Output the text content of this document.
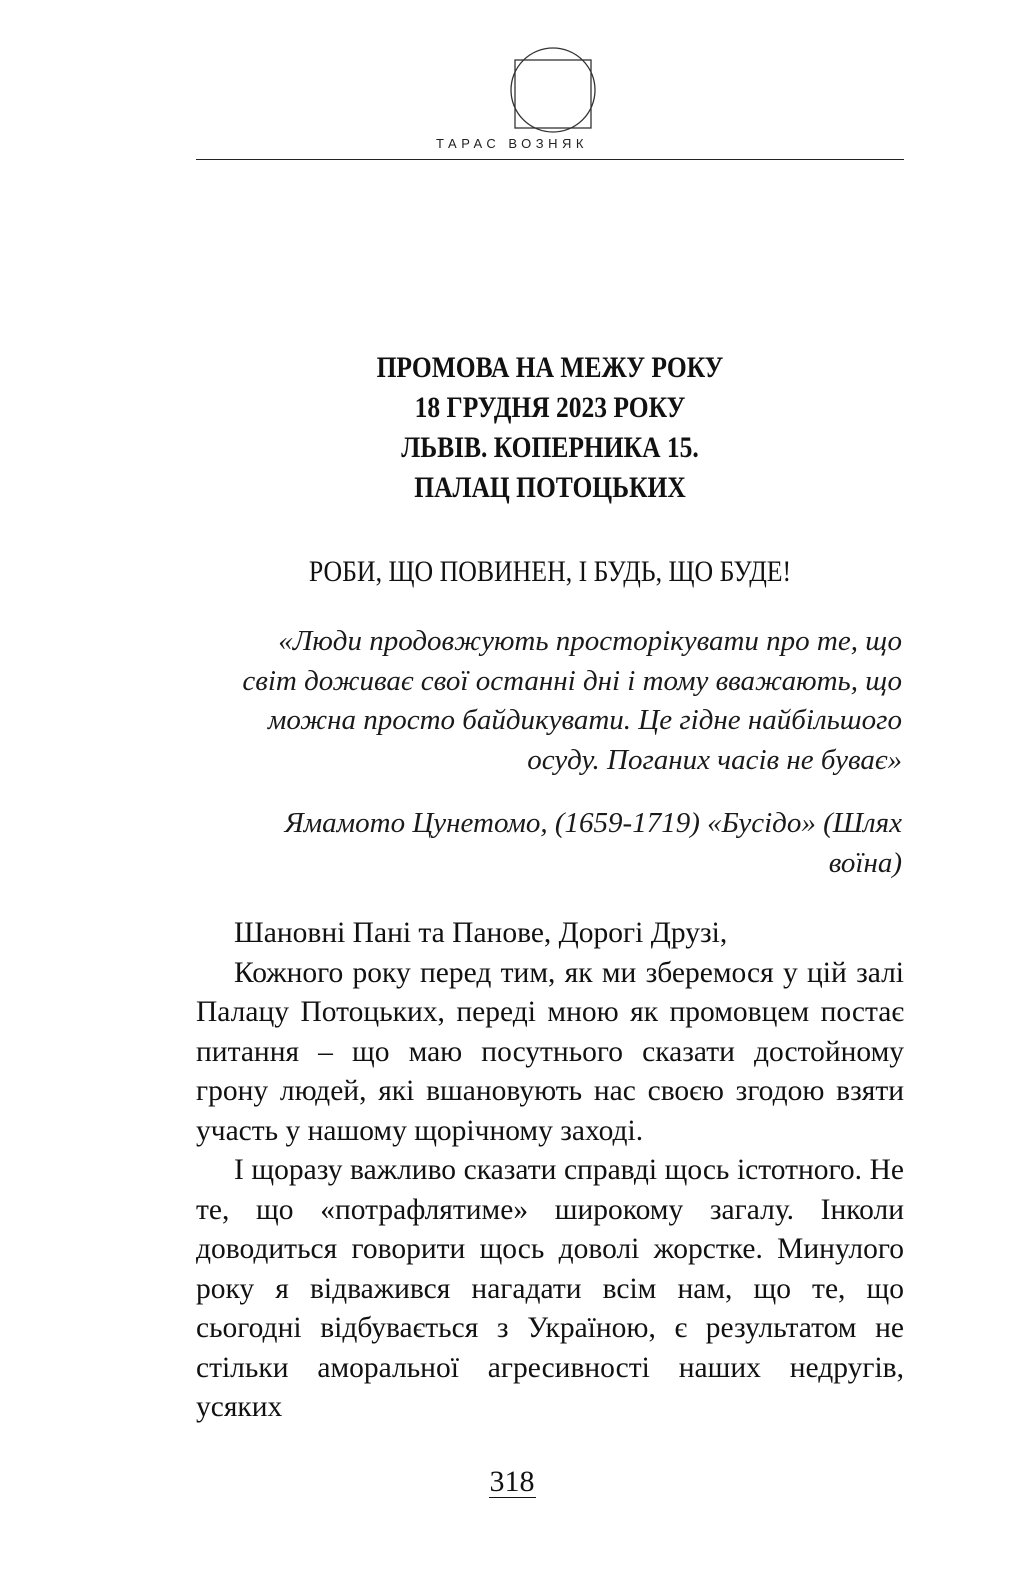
ТАРАС ВОЗНЯК
ПРОМОВА НА МЕЖУ РОКУ
18 ГРУДНЯ 2023 РОКУ
ЛЬВІВ. КОПЕРНИКА 15.
ПАЛАЦ ПОТОЦЬКИХ
РОБИ, ЩО ПОВИНЕН, І БУДЬ, ЩО БУДЕ!
«Люди продовжують просторікувати про те, що світ доживає свої останні дні і тому вважають, що можна просто байдикувати. Це гідне найбільшого осуду. Поганих часів не буває»
Ямамото Цунетомо, (1659-1719) «Бусідо» (Шлях воїна)

Шановні Пані та Панове, Дорогі Друзі,

Кожного року перед тим, як ми зберемося у цій залі Палацу Потоцьких, переді мною як промовцем постає питання – що маю посутнього сказати достойному грону людей, які вшановують нас своєю згодою взяти участь у нашому щорічному заході.

І щоразу важливо сказати справді щось істотного. Не те, що «потрафлятиме» широкому загалу. Інколи доводиться говорити щось доволі жорстке. Минулого року я відважився нагадати всім нам, що те, що сьогодні відбувається з Україною, є результатом не стільки аморальної агресивності наших недругів, усяких

318
